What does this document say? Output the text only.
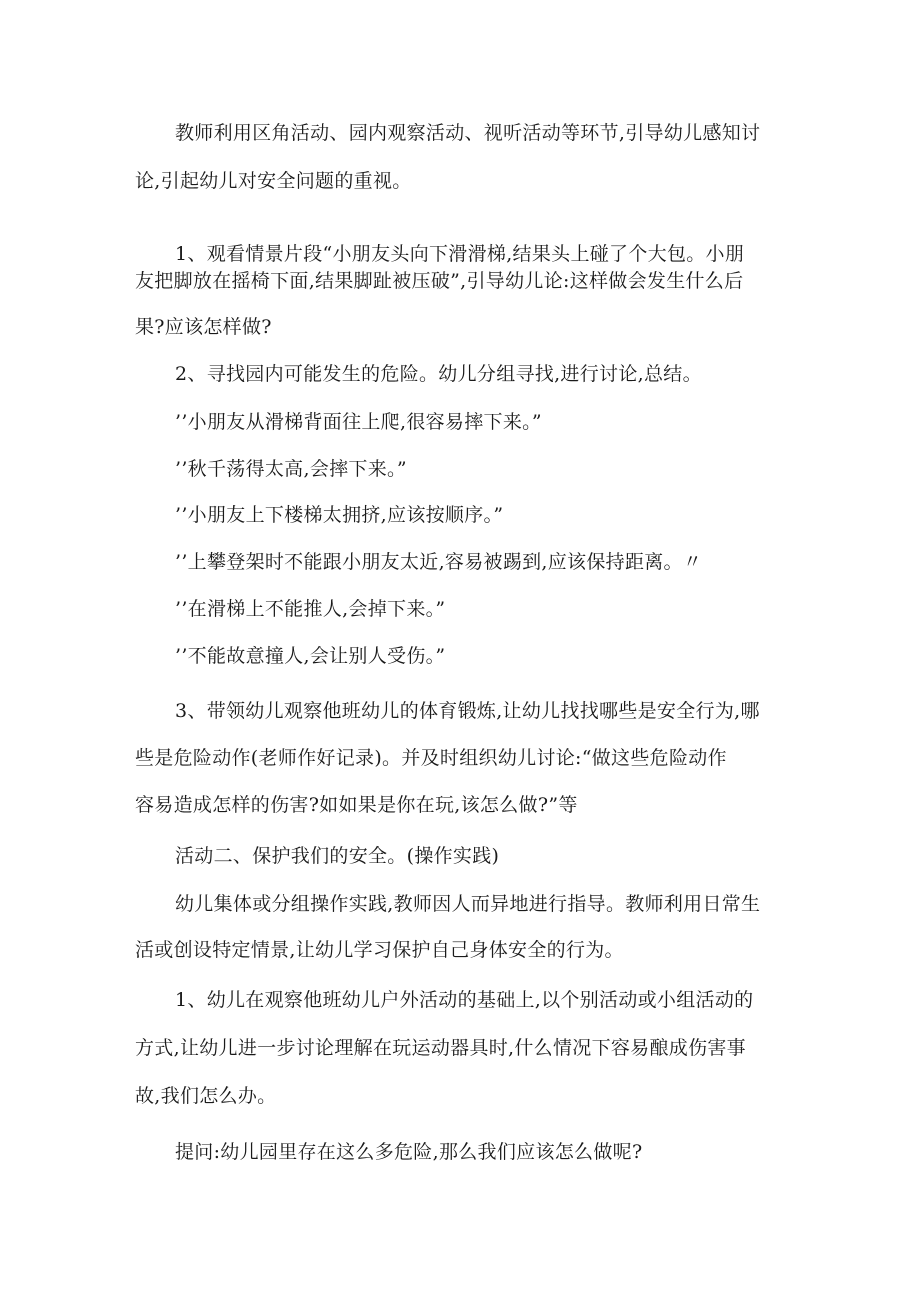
教师利用区角活动、园内观察活动、视听活动等环节,引导幼儿感知讨
论,引起幼儿对安全问题的重视。
1、观看情景片段“小朋友头向下滑滑梯,结果头上碰了个大包。小朋
友把脚放在摇椅下面,结果脚趾被压破”,引导幼儿论:这样做会发生什么后
果?应该怎样做?
2、寻找园内可能发生的危险。幼儿分组寻找,进行讨论,总结。
’’小朋友从滑梯背面往上爬,很容易摔下来。”
’’秋千荡得太高,会摔下来。”
’’小朋友上下楼梯太拥挤,应该按顺序。”
’’上攀登架时不能跟小朋友太近,容易被踢到,应该保持距离。〃
’’在滑梯上不能推人,会掉下来。”
’’不能故意撞人,会让别人受伤。”
3、带领幼儿观察他班幼儿的体育锻炼,让幼儿找找哪些是安全行为,哪
些是危险动作(老师作好记录)。并及时组织幼儿讨论:“做这些危险动作
容易造成怎样的伤害?如如果是你在玩,该怎么做?”等
活动二、保护我们的安全。(操作实践)
幼儿集体或分组操作实践,教师因人而异地进行指导。教师利用日常生
活或创设特定情景,让幼儿学习保护自己身体安全的行为。
1、幼儿在观察他班幼儿户外活动的基础上,以个别活动或小组活动的
方式,让幼儿进一步讨论理解在玩运动器具时,什么情况下容易酿成伤害事
故,我们怎么办。
提问:幼儿园里存在这么多危险,那么我们应该怎么做呢?
